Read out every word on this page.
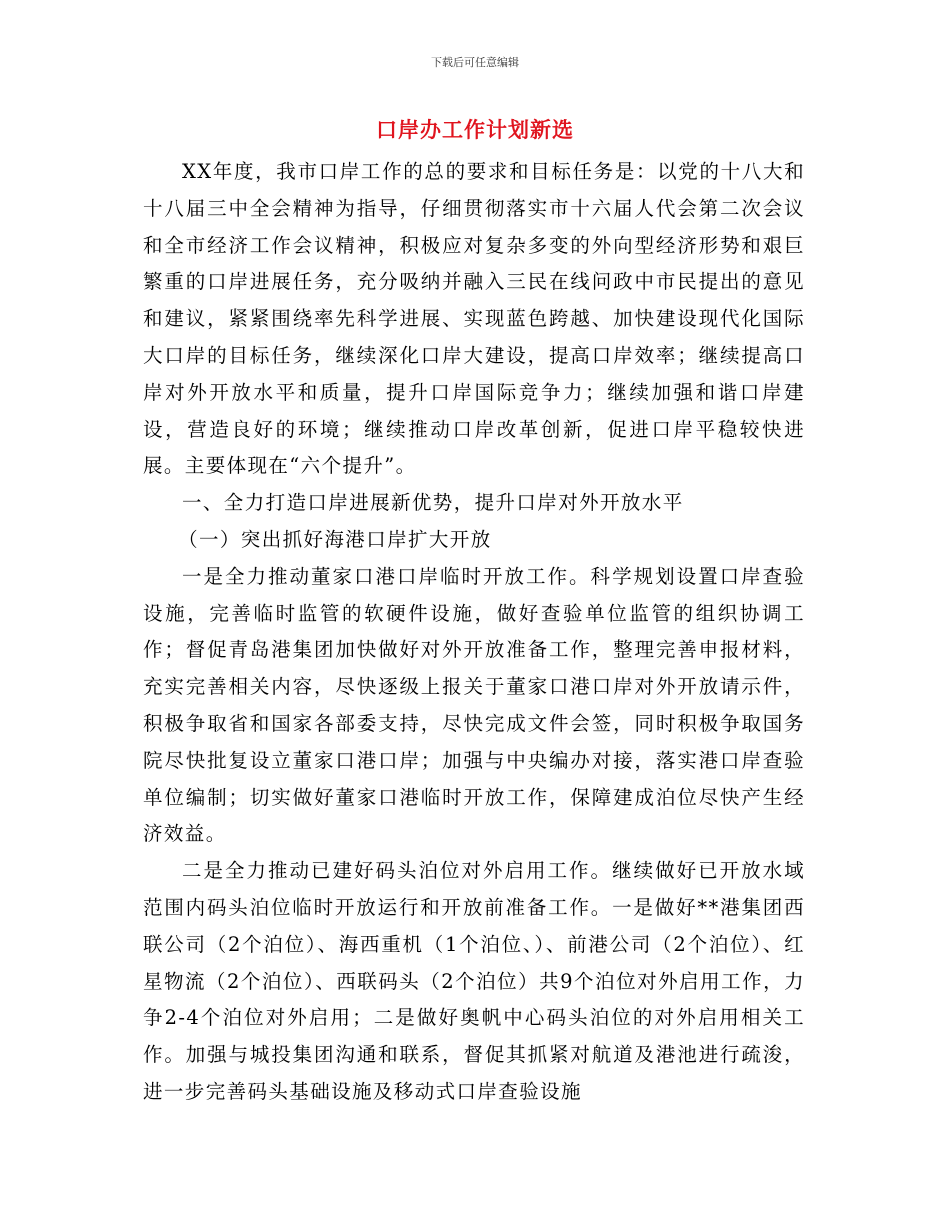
下载后可任意编辑
口岸办工作计划新选

XX年度，我市口岸工作的总的要求和目标任务是：以党的十八大和十八届三中全会精神为指导，仔细贯彻落实市十六届人代会第二次会议和全市经济工作会议精神，积极应对复杂多变的外向型经济形势和艰巨繁重的口岸进展任务，充分吸纳并融入三民在线问政中市民提出的意见和建议，紧紧围绕率先科学进展、实现蓝色跨越、加快建设现代化国际大口岸的目标任务，继续深化口岸大建设，提高口岸效率；继续提高口岸对外开放水平和质量，提升口岸国际竞争力；继续加强和谐口岸建设，营造良好的环境；继续推动口岸改革创新，促进口岸平稳较快进展。主要体现在“六个提升”。

一、全力打造口岸进展新优势，提升口岸对外开放水平

（一）突出抓好海港口岸扩大开放

一是全力推动董家口港口岸临时开放工作。科学规划设置口岸查验设施，完善临时监管的软硬件设施，做好查验单位监管的组织协调工作；督促青岛港集团加快做好对外开放准备工作，整理完善申报材料，充实完善相关内容，尽快逐级上报关于董家口港口岸对外开放请示件，积极争取省和国家各部委支持，尽快完成文件会签，同时积极争取国务院尽快批复设立董家口港口岸；加强与中央编办对接，落实港口岸查验单位编制；切实做好董家口港临时开放工作，保障建成泊位尽快产生经济效益。

二是全力推动已建好码头泊位对外启用工作。继续做好已开放水域范围内码头泊位临时开放运行和开放前准备工作。一是做好**港集团西联公司（2个泊位）、海西重机（1个泊位、）、前港公司（2个泊位）、红星物流（2个泊位）、西联码头（2个泊位）共9个泊位对外启用工作，力争2-4个泊位对外启用；二是做好奥帆中心码头泊位的对外启用相关工作。加强与城投集团沟通和联系，督促其抓紧对航道及港池进行疏浚，进一步完善码头基础设施及移动式口岸查验设施
